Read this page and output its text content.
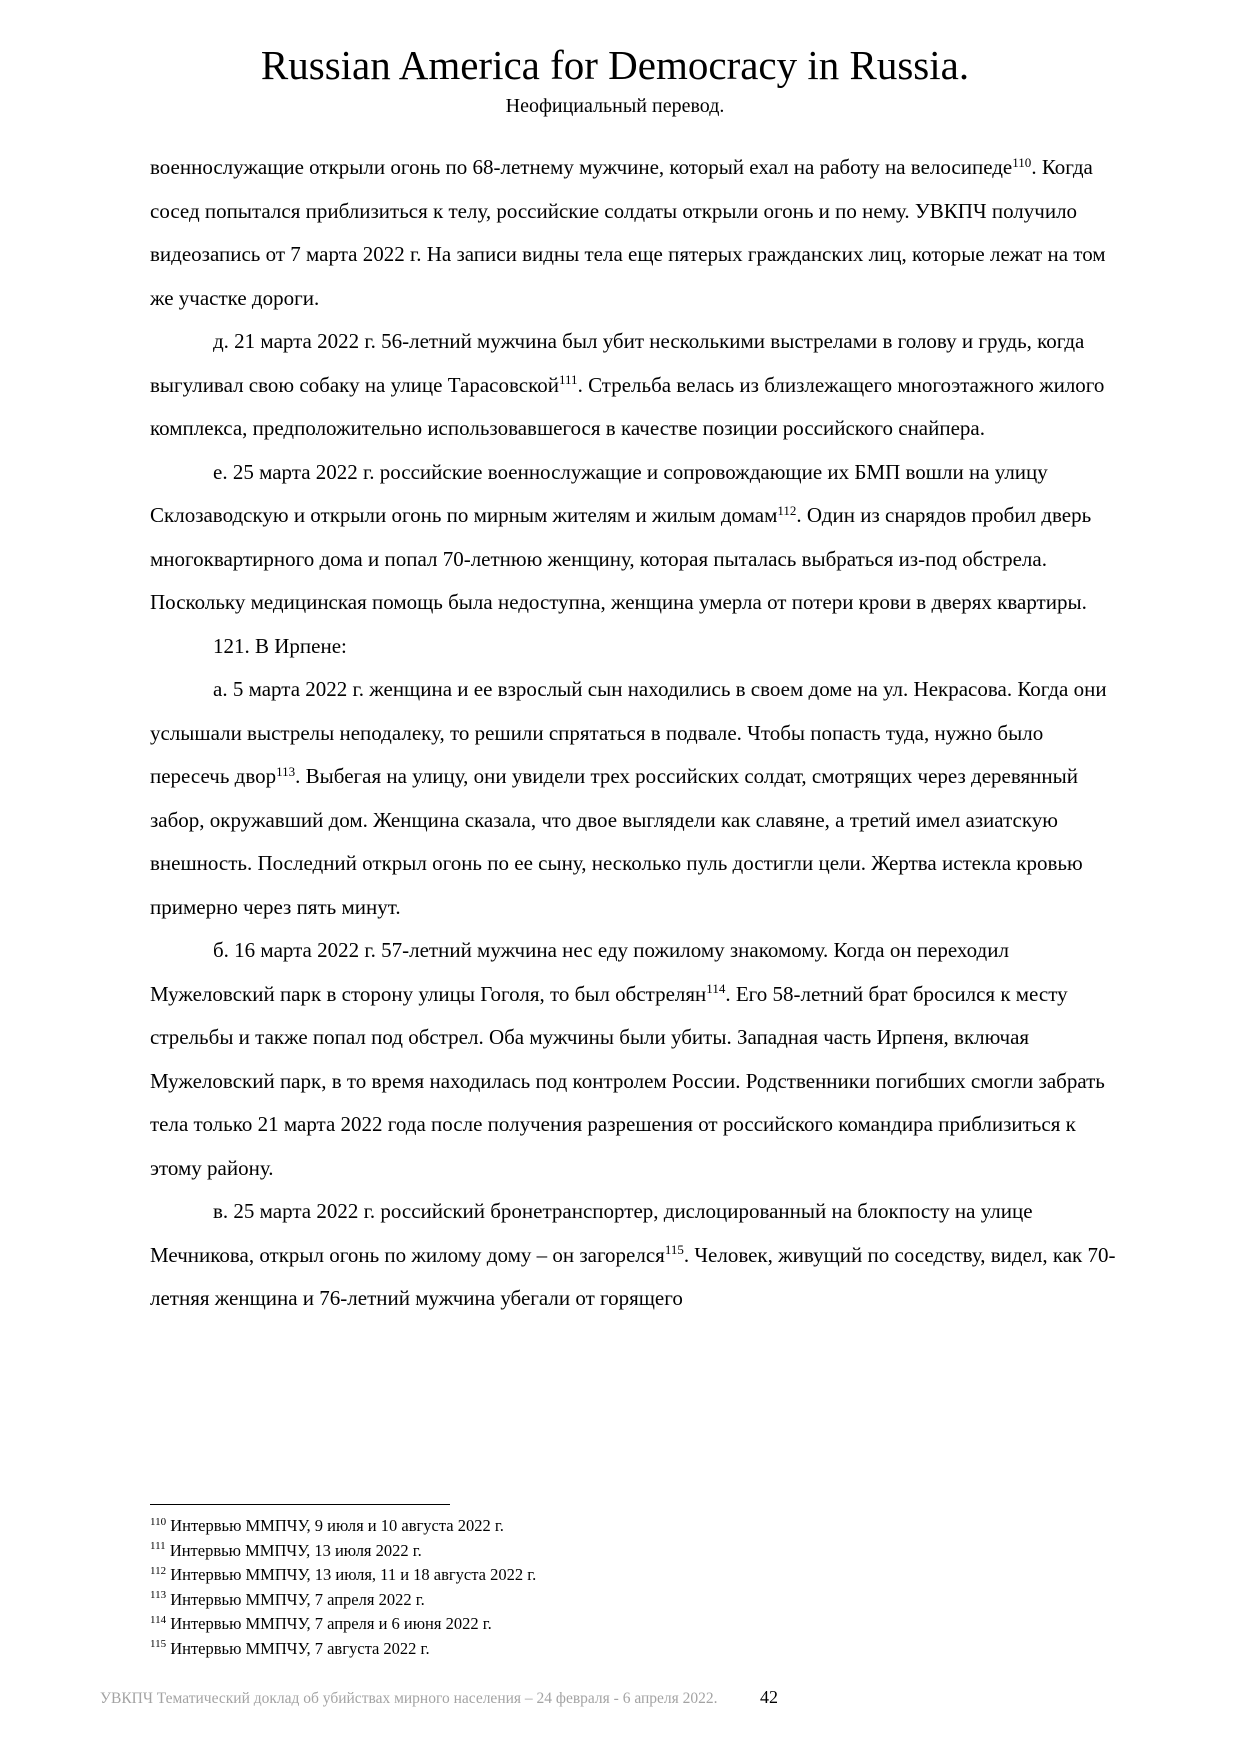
Russian America for Democracy in Russia.
Неофициальный перевод.

военнослужащие открыли огонь по 68-летнему мужчине, который ехал на работу на велосипеде$^{110}$. Когда сосед попытался приблизиться к телу, российские солдаты открыли огонь и по нему. УВКПЧ получило видеозапись от 7 марта 2022 г. На записи видны тела еще пятерых гражданских лиц, которые лежат на том же участке дороги.

д. 21 марта 2022 г. 56-летний мужчина был убит несколькими выстрелами в голову и грудь, когда выгуливал свою собаку на улице Тарасовской$^{111}$. Стрельба велась из близлежащего многоэтажного жилого комплекса, предположительно использовавшегося в качестве позиции российского снайпера.

е. 25 марта 2022 г. российские военнослужащие и сопровождающие их БМП вошли на улицу Склозаводскую и открыли огонь по мирным жителям и жилым домам$^{112}$. Один из снарядов пробил дверь многоквартирного дома и попал 70-летнюю женщину, которая пыталась выбраться из-под обстрела. Поскольку медицинская помощь была недоступна, женщина умерла от потери крови в дверях квартиры.

121. В Ирпене:

а. 5 марта 2022 г. женщина и ее взрослый сын находились в своем доме на ул. Некрасова. Когда они услышали выстрелы неподалеку, то решили спрятаться в подвале. Чтобы попасть туда, нужно было пересечь двор$^{113}$. Выбегая на улицу, они увидели трех российских солдат, смотрящих через деревянный забор, окружавший дом. Женщина сказала, что двое выглядели как славяне, а третий имел азиатскую внешность. Последний открыл огонь по ее сыну, несколько пуль достигли цели. Жертва истекла кровью примерно через пять минут.

б. 16 марта 2022 г. 57-летний мужчина нес еду пожилому знакомому. Когда он переходил Мужеловский парк в сторону улицы Гоголя, то был обстрелян$^{114}$. Его 58-летний брат бросился к месту стрельбы и также попал под обстрел. Оба мужчины были убиты. Западная часть Ирпеня, включая Мужеловский парк, в то время находилась под контролем России. Родственники погибших смогли забрать тела только 21 марта 2022 года после получения разрешения от российского командира приблизиться к этому району.

в. 25 марта 2022 г. российский бронетранспортер, дислоцированный на блокпосту на улице Мечникова, открыл огонь по жилому дому – он загорелся$^{115}$. Человек, живущий по соседству, видел, как 70-летняя женщина и 76-летний мужчина убегали от горящего

$^{110}$ Интервью ММПЧУ, 9 июля и 10 августа 2022 г.
$^{111}$ Интервью ММПЧУ, 13 июля 2022 г.
$^{112}$ Интервью ММПЧУ, 13 июля, 11 и 18 августа 2022 г.
$^{113}$ Интервью ММПЧУ, 7 апреля 2022 г.
$^{114}$ Интервью ММПЧУ, 7 апреля и 6 июня 2022 г.
$^{115}$ Интервью ММПЧУ, 7 августа 2022 г.
УВКПЧ Тематический доклад об убийствах мирного населения – 24 февраля - 6 апреля 2022. 42
